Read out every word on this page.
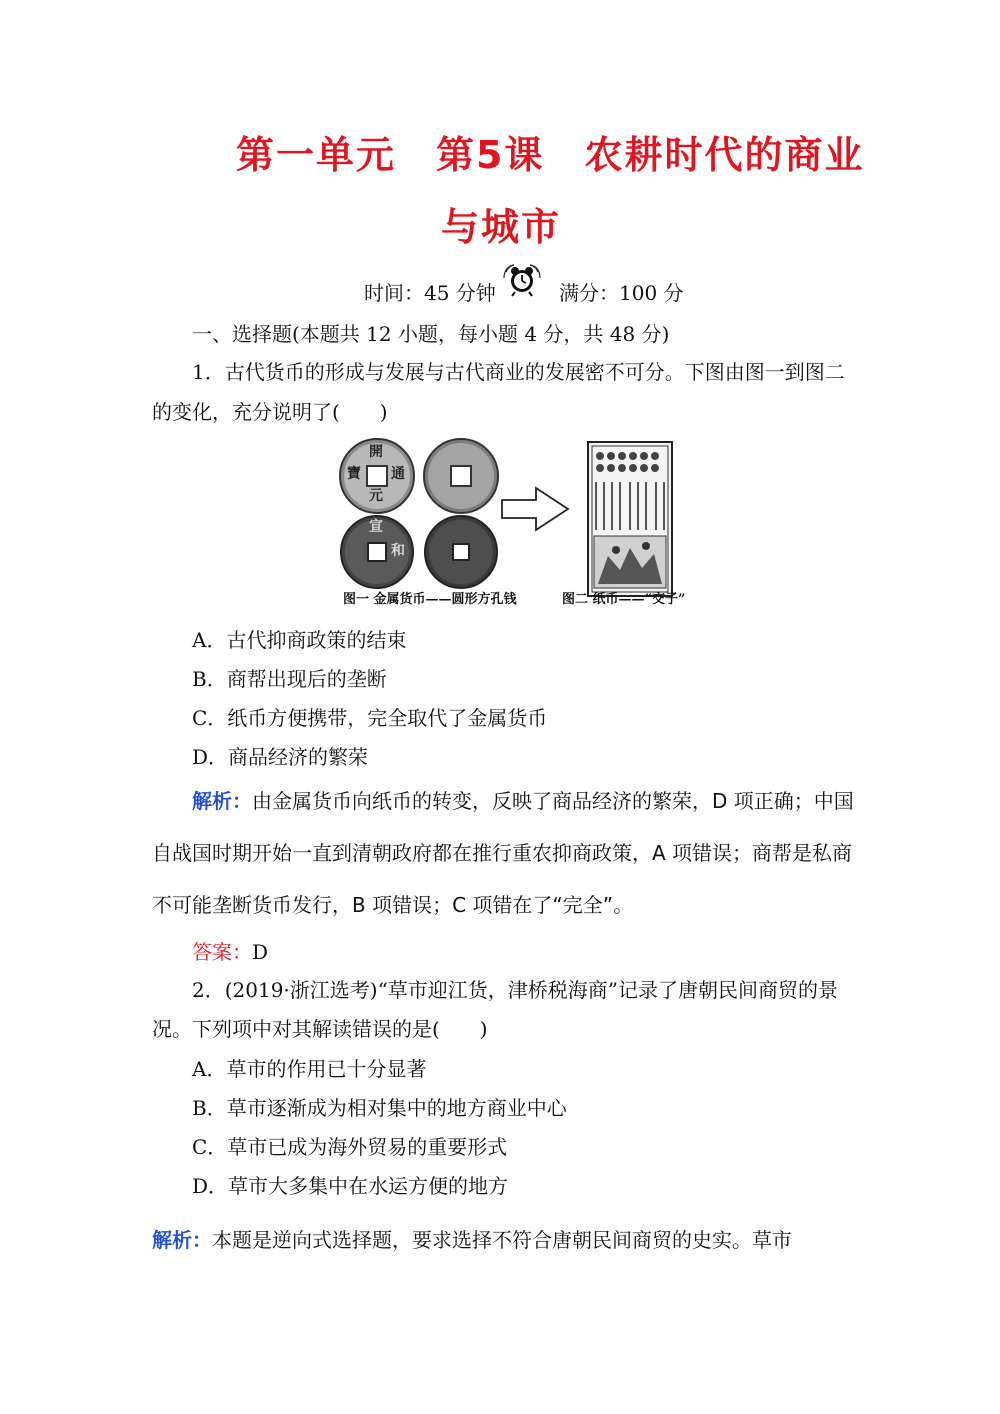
第一单元　第5课　农耕时代的商业
与城市
时间：45 分钟	满分：100 分
一、选择题(本题共 12 小题，每小题 4 分，共 48 分)
1．古代货币的形成与发展与古代商业的发展密不可分。下图由图一到图二
的变化，充分说明了(　　)
開
元
通
寶
宣
和
图一 金属货币——圆形方孔钱	图二 纸币——“交子”
A．古代抑商政策的结束
B．商帮出现后的垄断
C．纸币方便携带，完全取代了金属货币
D．商品经济的繁荣
解析：由金属货币向纸币的转变，反映了商品经济的繁荣，D 项正确；中国
自战国时期开始一直到清朝政府都在推行重农抑商政策，A 项错误；商帮是私商
不可能垄断货币发行，B 项错误；C 项错在了“完全”。
答案：D
2．(2019·浙江选考)“草市迎江货，津桥税海商”记录了唐朝民间商贸的景
况。下列项中对其解读错误的是(　　)
A．草市的作用已十分显著
B．草市逐渐成为相对集中的地方商业中心
C．草市已成为海外贸易的重要形式
D．草市大多集中在水运方便的地方
解析：本题是逆向式选择题，要求选择不符合唐朝民间商贸的史实。草市
